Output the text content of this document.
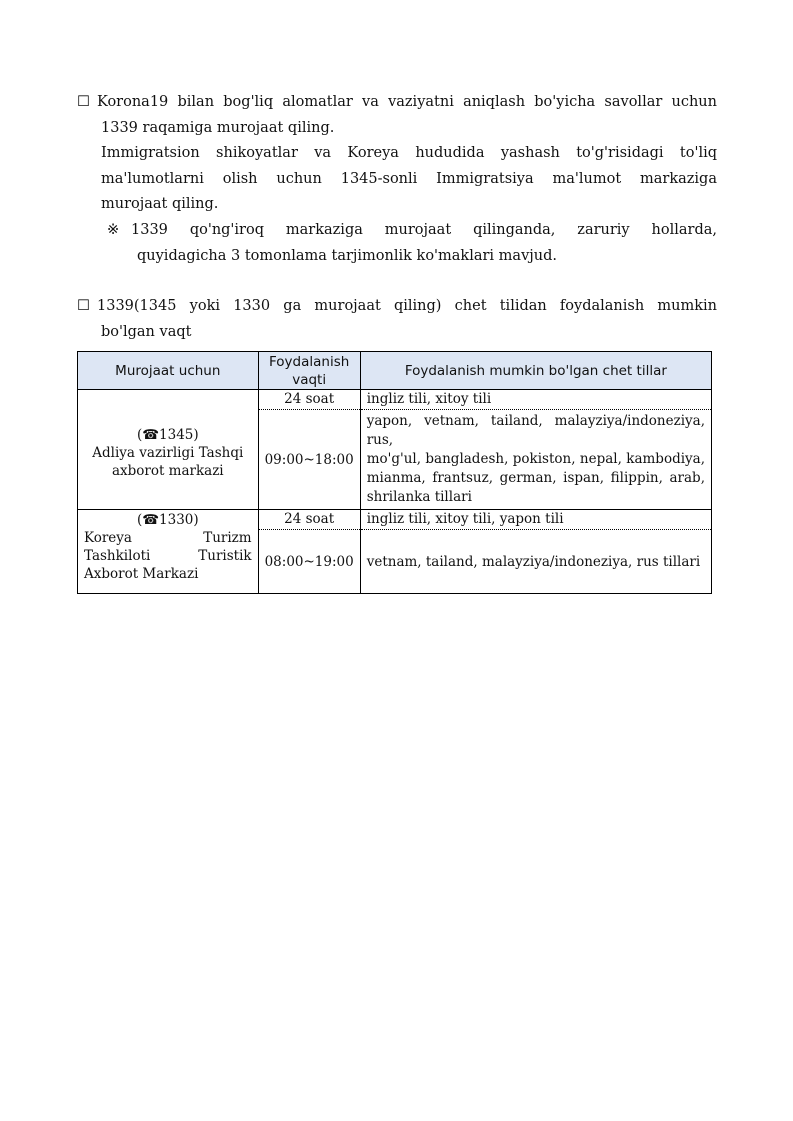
☐ Korona19 bilan bog'liq alomatlar va vaziyatni aniqlash bo'yicha savollar uchun
1339 raqamiga murojaat qiling.
Immigratsion shikoyatlar va Koreya hududida yashash to'g'risidagi to'liq
ma'lumotlarni olish uchun 1345-sonli Immigratsiya ma'lumot markaziga
murojaat qiling.
※ 1339 qo'ng'iroq markaziga murojaat qilinganda, zaruriy hollarda,
quyidagicha 3 tomonlama tarjimonlik ko'maklari mavjud.
☐ 1339(1345 yoki 1330 ga murojaat qiling) chet tilidan foydalanish mumkin
bo'lgan vaqt
Murojaat uchun	Foydalanish vaqti	Foydalanish mumkin bo'lgan chet tillar

(☎1345)
Adliya vazirligi Tashqi
axborot markazi	24 soat	ingliz tili, xitoy tili
	09:00~18:00	yapon, vetnam, tailand, malayziya/indoneziya, rus,
mo'g'ul, bangladesh, pokiston, nepal, kambodiya,
mianma, frantsuz, german, ispan, filippin, arab,
shrilanka tillari

(☎1330)
Koreya Turizm
Tashkiloti Turistik
Axborot Markazi	24 soat	ingliz tili, xitoy tili, yapon tili
	08:00~19:00	vetnam, tailand, malayziya/indoneziya, rus tillari
